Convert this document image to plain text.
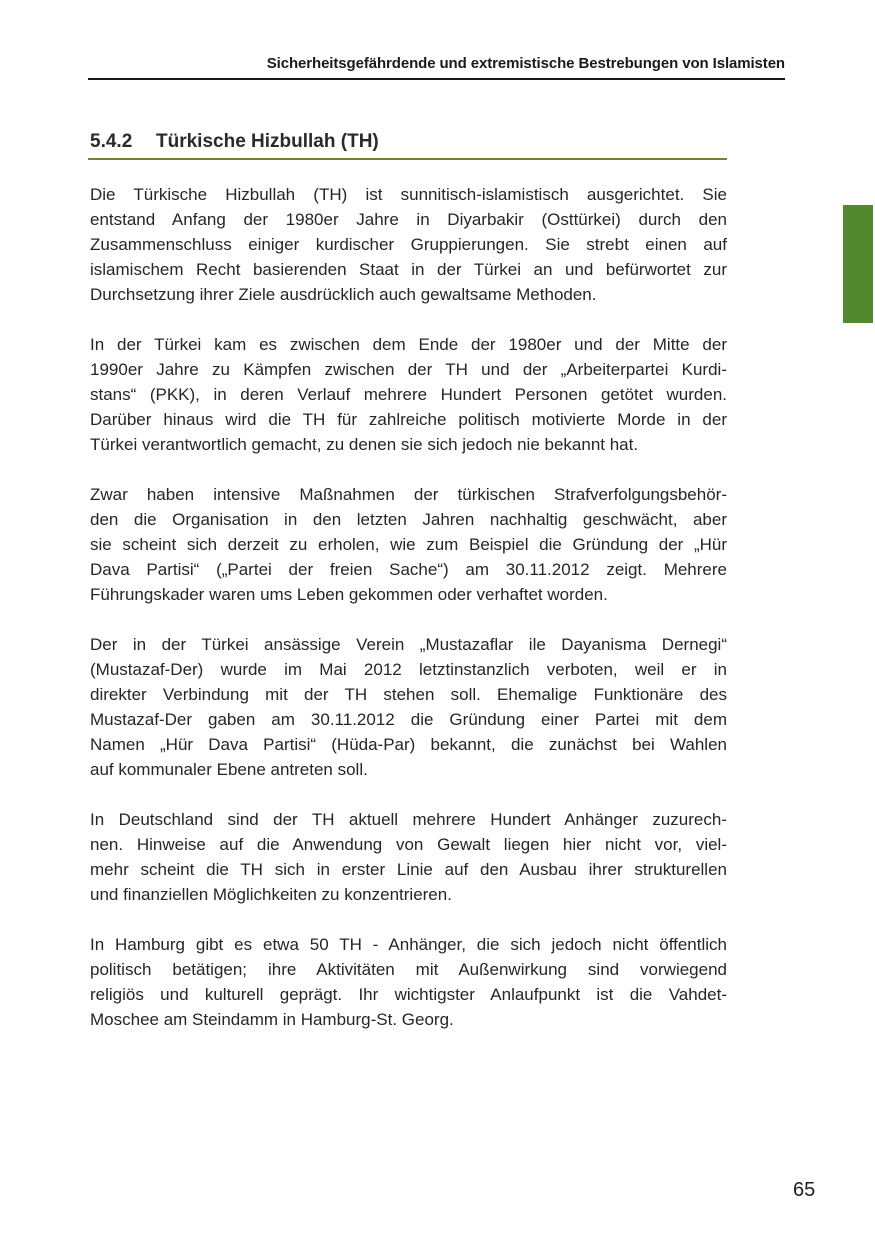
Sicherheitsgefährdende und extremistische Bestrebungen von Islamisten
5.4.2 Türkische Hizbullah (TH)
Die Türkische Hizbullah (TH) ist sunnitisch-islamistisch ausgerichtet. Sie
entstand Anfang der 1980er Jahre in Diyarbakir (Osttürkei) durch den
Zusammenschluss einiger kurdischer Gruppierungen. Sie strebt einen auf
islamischem Recht basierenden Staat in der Türkei an und befürwortet zur
Durchsetzung ihrer Ziele ausdrücklich auch gewaltsame Methoden.
In der Türkei kam es zwischen dem Ende der 1980er und der Mitte der
1990er Jahre zu Kämpfen zwischen der TH und der „Arbeiterpartei Kurdi-
stans“ (PKK), in deren Verlauf mehrere Hundert Personen getötet wurden.
Darüber hinaus wird die TH für zahlreiche politisch motivierte Morde in der
Türkei verantwortlich gemacht, zu denen sie sich jedoch nie bekannt hat.
Zwar haben intensive Maßnahmen der türkischen Strafverfolgungsbehör-
den die Organisation in den letzten Jahren nachhaltig geschwächt, aber
sie scheint sich derzeit zu erholen, wie zum Beispiel die Gründung der „Hür
Dava Partisi“ („Partei der freien Sache“) am 30.11.2012 zeigt. Mehrere
Führungskader waren ums Leben gekommen oder verhaftet worden.
Der in der Türkei ansässige Verein „Mustazaflar ile Dayanisma Dernegi“
(Mustazaf-Der) wurde im Mai 2012 letztinstanzlich verboten, weil er in
direkter Verbindung mit der TH stehen soll. Ehemalige Funktionäre des
Mustazaf-Der gaben am 30.11.2012 die Gründung einer Partei mit dem
Namen „Hür Dava Partisi“ (Hüda-Par) bekannt, die zunächst bei Wahlen
auf kommunaler Ebene antreten soll.
In Deutschland sind der TH aktuell mehrere Hundert Anhänger zuzurech-
nen. Hinweise auf die Anwendung von Gewalt liegen hier nicht vor, viel-
mehr scheint die TH sich in erster Linie auf den Ausbau ihrer strukturellen
und finanziellen Möglichkeiten zu konzentrieren.
In Hamburg gibt es etwa 50 TH - Anhänger, die sich jedoch nicht öffentlich
politisch betätigen; ihre Aktivitäten mit Außenwirkung sind vorwiegend
religiös und kulturell geprägt. Ihr wichtigster Anlaufpunkt ist die Vahdet-
Moschee am Steindamm in Hamburg-St. Georg.
65
